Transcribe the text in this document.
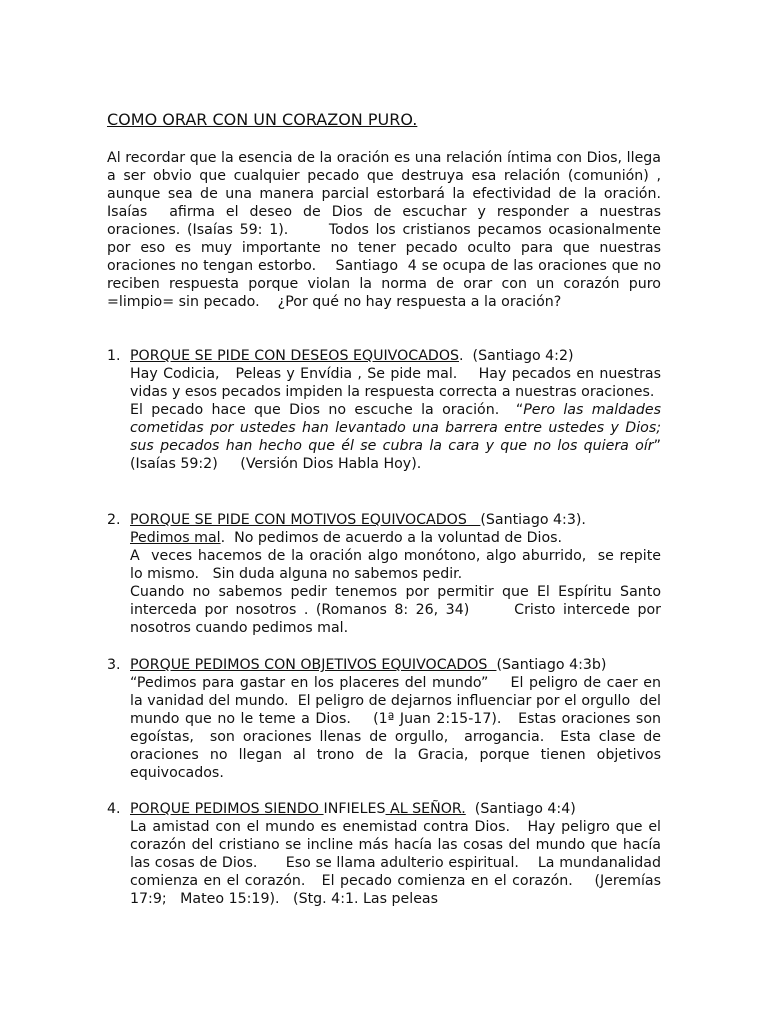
COMO ORAR CON UN CORAZON PURO.

Al recordar que la esencia de la oración es una relación íntima con Dios, llega a ser obvio que cualquier pecado que destruya esa relación (comunión) , aunque sea de una manera parcial estorbará la efectividad de la oración.     Isaías  afirma el deseo de Dios de escuchar y responder a nuestras oraciones. (Isaías 59: 1).      Todos los cristianos pecamos ocasionalmente  por eso es muy importante no tener pecado oculto para que nuestras oraciones no tengan estorbo.    Santiago  4 se ocupa de las oraciones que no reciben respuesta porque violan la norma de orar con un corazón puro =limpio= sin pecado.    ¿Por qué no hay respuesta a la oración?

1. PORQUE SE PIDE CON DESEOS EQUIVOCADOS.  (Santiago 4:2)

Hay Codicia,   Peleas y Envídia , Se pide mal.    Hay pecados en nuestras vidas y esos pecados impiden la respuesta correcta a nuestras oraciones.

El pecado hace que Dios no escuche la oración.  “Pero las maldades cometidas por ustedes han levantado una barrera entre ustedes y Dios;  sus pecados han hecho que él se cubra la cara y que no los quiera oír”  (Isaías 59:2)     (Versión Dios Habla Hoy).

2. PORQUE SE PIDE CON MOTIVOS EQUIVOCADOS   (Santiago 4:3).

Pedimos mal.  No pedimos de acuerdo a la voluntad de Dios.

A  veces hacemos de la oración algo monótono, algo aburrido,  se repite lo mismo.   Sin duda alguna no sabemos pedir.

Cuando no sabemos pedir tenemos por permitir que El Espíritu Santo interceda por nosotros . (Romanos 8: 26, 34)      Cristo intercede por nosotros cuando pedimos mal.

3. PORQUE PEDIMOS CON OBJETIVOS EQUIVOCADOS  (Santiago 4:3b)

“Pedimos para gastar en los placeres del mundo”    El peligro de caer en la vanidad del mundo.  El peligro de dejarnos influenciar por el orgullo  del mundo que no le teme a Dios.    (1ª Juan 2:15-17).   Estas oraciones son egoístas,  son oraciones llenas de orgullo,  arrogancia.  Esta clase de oraciones no llegan al trono de la Gracia, porque tienen objetivos equivocados.

4. PORQUE PEDIMOS SIENDO INFIELES AL SEÑOR.  (Santiago 4:4)

La amistad con el mundo es enemistad contra Dios.   Hay peligro que el corazón del cristiano se incline más hacía las cosas del mundo que hacía las cosas de Dios.      Eso se llama adulterio espiritual.    La mundanalidad comienza en el corazón.   El pecado comienza en el corazón.    (Jeremías 17:9;   Mateo 15:19).   (Stg. 4:1. Las peleas
